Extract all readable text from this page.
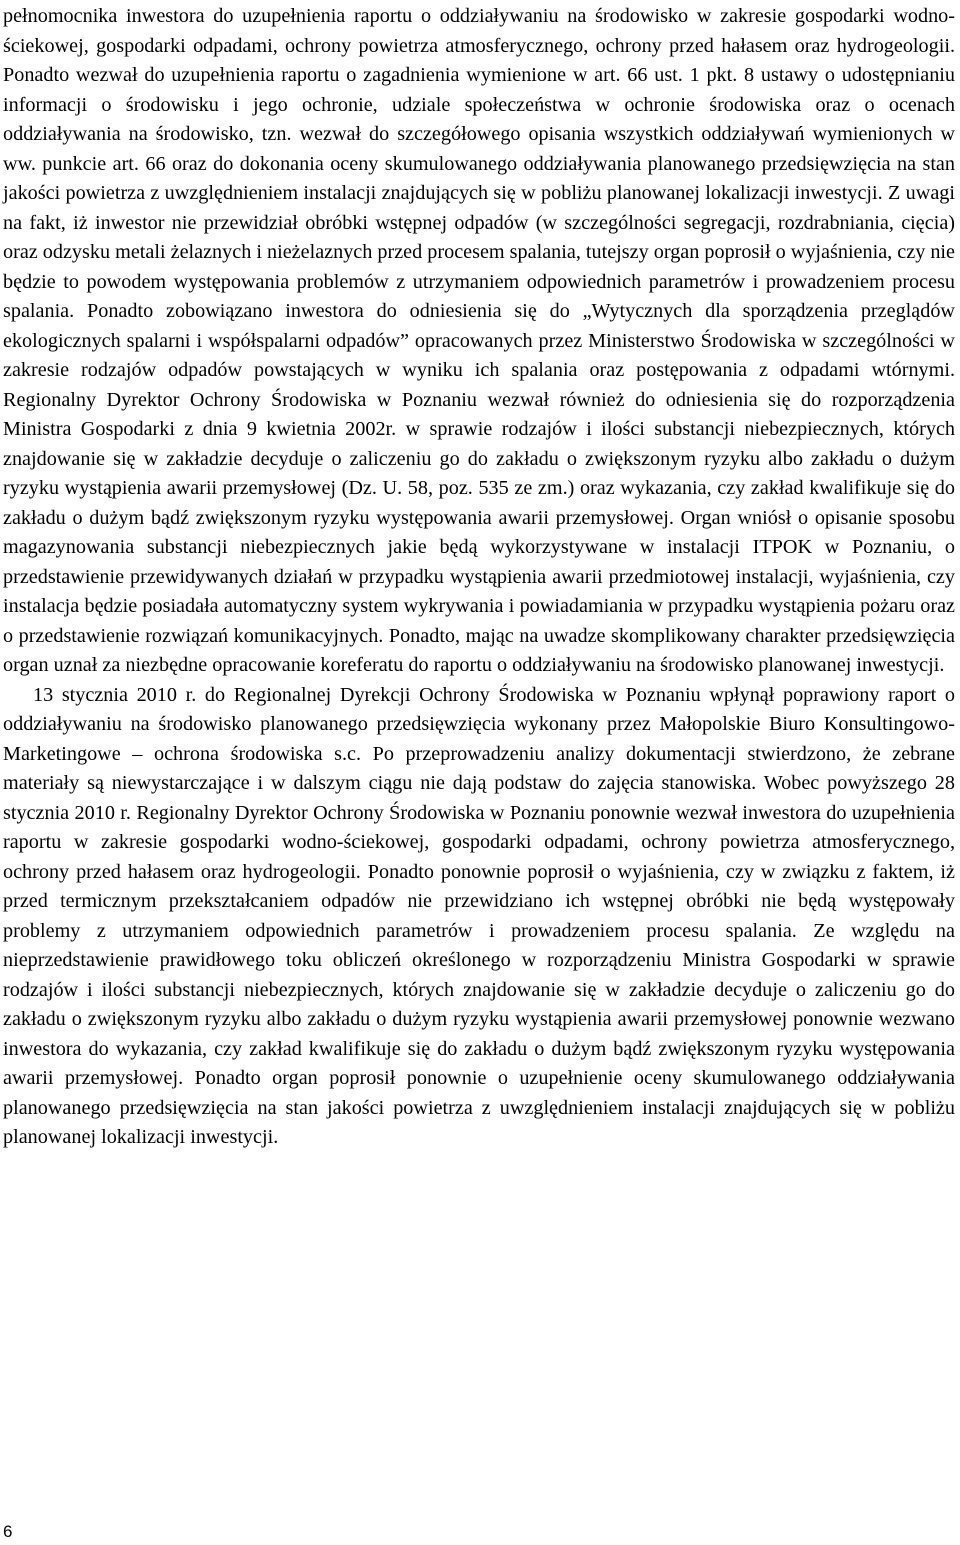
pełnomocnika inwestora do uzupełnienia raportu o oddziaływaniu na środowisko w zakresie gospodarki wodno-ściekowej, gospodarki odpadami, ochrony powietrza atmosferycznego, ochrony przed hałasem oraz hydrogeologii. Ponadto wezwał do uzupełnienia raportu o zagadnienia wymienione w art. 66 ust. 1 pkt. 8 ustawy o udostępnianiu informacji o środowisku i jego ochronie, udziale społeczeństwa w ochronie środowiska oraz o ocenach oddziaływania na środowisko, tzn. wezwał do szczegółowego opisania wszystkich oddziaływań wymienionych w ww. punkcie art. 66 oraz do dokonania oceny skumulowanego oddziaływania planowanego przedsięwzięcia na stan jakości powietrza z uwzględnieniem instalacji znajdujących się w pobliżu planowanej lokalizacji inwestycji. Z uwagi na fakt, iż inwestor nie przewidział obróbki wstępnej odpadów (w szczególności segregacji, rozdrabniania, cięcia) oraz odzysku metali żelaznych i nieżelaznych przed procesem spalania, tutejszy organ poprosił o wyjaśnienia, czy nie będzie to powodem występowania problemów z utrzymaniem odpowiednich parametrów i prowadzeniem procesu spalania. Ponadto zobowiązano inwestora do odniesienia się do „Wytycznych dla sporządzenia przeglądów ekologicznych spalarni i współspalarni odpadów” opracowanych przez Ministerstwo Środowiska w szczególności w zakresie rodzajów odpadów powstających w wyniku ich spalania oraz postępowania z odpadami wtórnymi. Regionalny Dyrektor Ochrony Środowiska w Poznaniu wezwał również do odniesienia się do rozporządzenia Ministra Gospodarki z dnia 9 kwietnia 2002r. w sprawie rodzajów i ilości substancji niebezpiecznych, których znajdowanie się w zakładzie decyduje o zaliczeniu go do zakładu o zwiększonym ryzyku albo zakładu o dużym ryzyku wystąpienia awarii przemysłowej (Dz. U. 58, poz. 535 ze zm.) oraz wykazania, czy zakład kwalifikuje się do zakładu o dużym bądź zwiększonym ryzyku występowania awarii przemysłowej. Organ wniósł o opisanie sposobu magazynowania substancji niebezpiecznych jakie będą wykorzystywane w instalacji ITPOK w Poznaniu, o przedstawienie przewidywanych działań w przypadku wystąpienia awarii przedmiotowej instalacji, wyjaśnienia, czy instalacja będzie posiadała automatyczny system wykrywania i powiadamiania w przypadku wystąpienia pożaru oraz o przedstawienie rozwiązań komunikacyjnych. Ponadto, mając na uwadze skomplikowany charakter przedsięwzięcia organ uznał za niezbędne opracowanie koreferatu do raportu o oddziaływaniu na środowisko planowanej inwestycji.

13 stycznia 2010 r. do Regionalnej Dyrekcji Ochrony Środowiska w Poznaniu wpłynął poprawiony raport o oddziaływaniu na środowisko planowanego przedsięwzięcia wykonany przez Małopolskie Biuro Konsultingowo-Marketingowe – ochrona środowiska s.c. Po przeprowadzeniu analizy dokumentacji stwierdzono, że zebrane materiały są niewystarczające i w dalszym ciągu nie dają podstaw do zajęcia stanowiska. Wobec powyższego 28 stycznia 2010 r. Regionalny Dyrektor Ochrony Środowiska w Poznaniu ponownie wezwał inwestora do uzupełnienia raportu w zakresie gospodarki wodno-ściekowej, gospodarki odpadami, ochrony powietrza atmosferycznego, ochrony przed hałasem oraz hydrogeologii. Ponadto ponownie poprosił o wyjaśnienia, czy w związku z faktem, iż przed termicznym przekształcaniem odpadów nie przewidziano ich wstępnej obróbki nie będą występowały problemy z utrzymaniem odpowiednich parametrów i prowadzeniem procesu spalania. Ze względu na nieprzedstawienie prawidłowego toku obliczeń określonego w rozporządzeniu Ministra Gospodarki w sprawie rodzajów i ilości substancji niebezpiecznych, których znajdowanie się w zakładzie decyduje o zaliczeniu go do zakładu o zwiększonym ryzyku albo zakładu o dużym ryzyku wystąpienia awarii przemysłowej ponownie wezwano inwestora do wykazania, czy zakład kwalifikuje się do zakładu o dużym bądź zwiększonym ryzyku występowania awarii przemysłowej. Ponadto organ poprosił ponownie o uzupełnienie oceny skumulowanego oddziaływania planowanego przedsięwzięcia na stan jakości powietrza z uwzględnieniem instalacji znajdujących się w pobliżu planowanej lokalizacji inwestycji.

6
